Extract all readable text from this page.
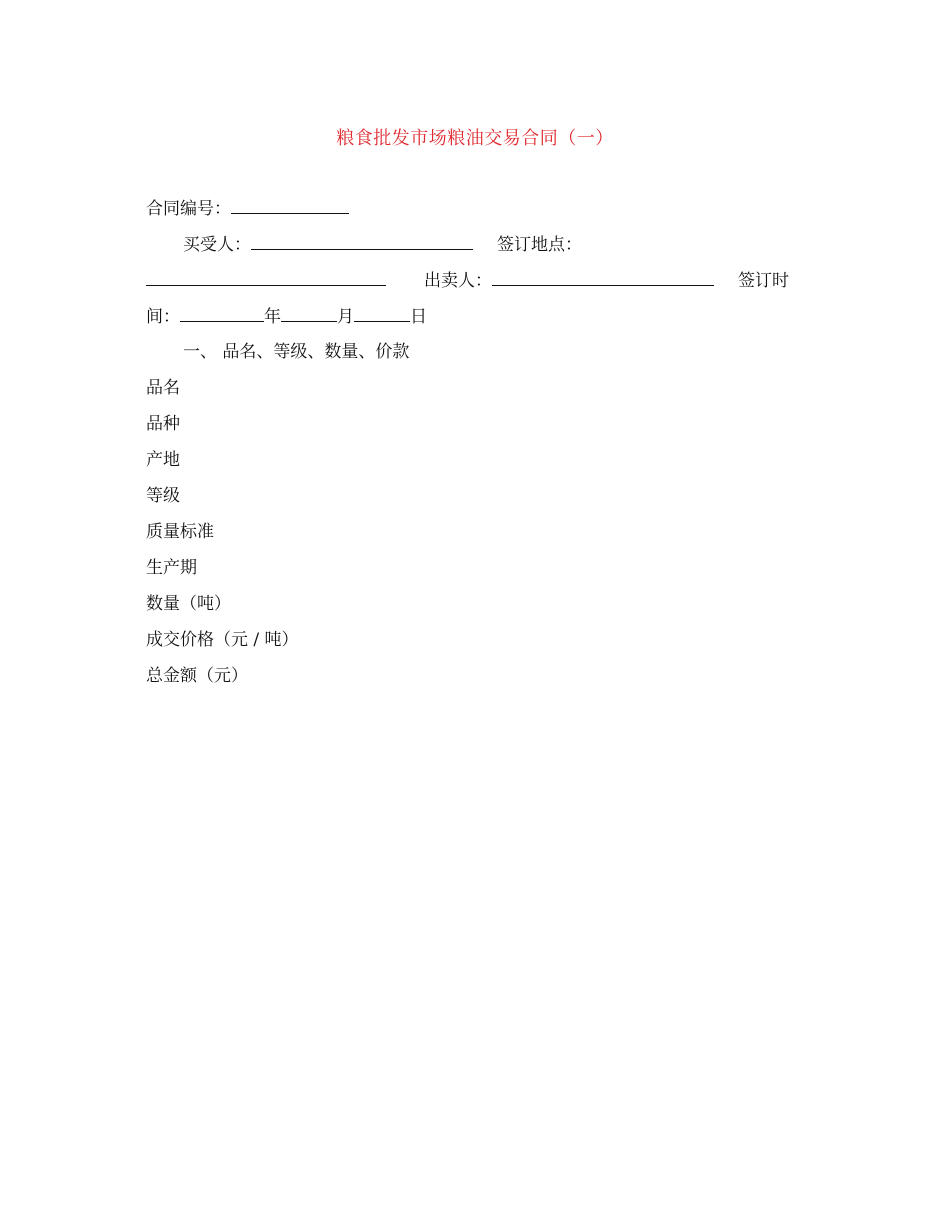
粮食批发市场粮油交易合同（一）
合同编号：
买受人：	签订地点：
出卖人：	签订时
间：	年	月	日
一、 品名、等级、数量、价款
品名
品种
产地
等级
质量标准
生产期
数量（吨）
成交价格（元 / 吨）
总金额（元）
